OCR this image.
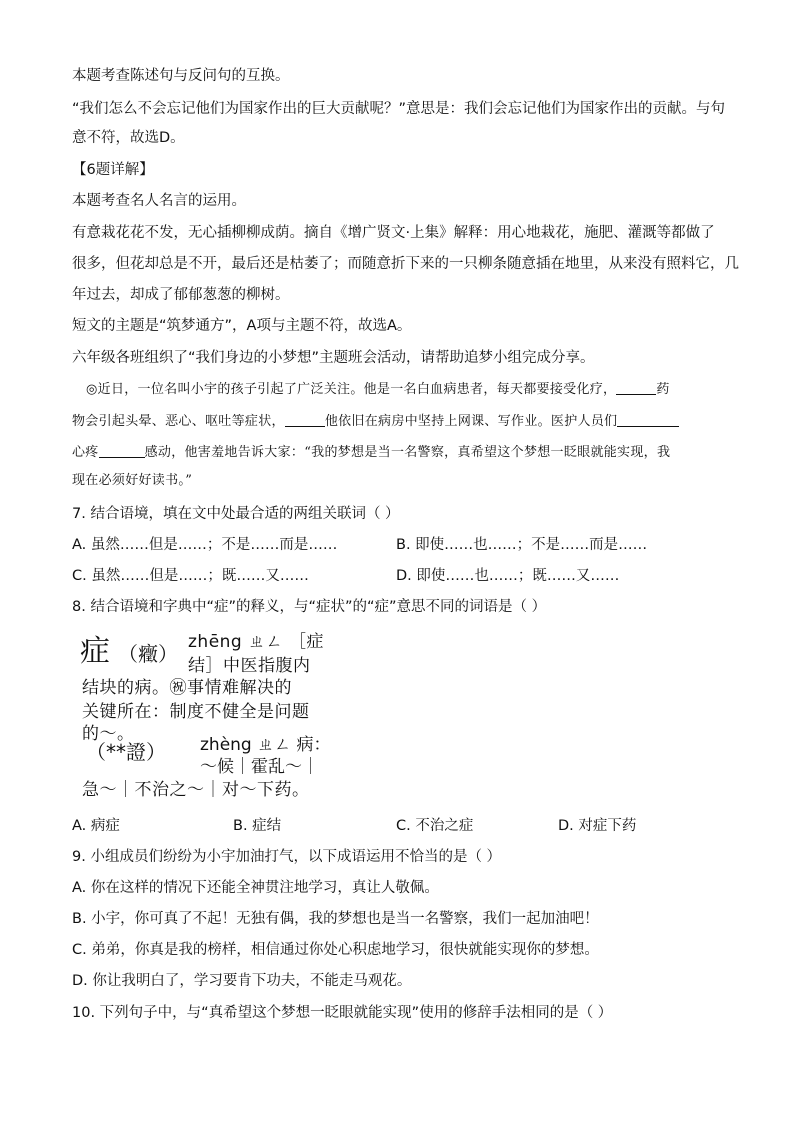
本题考查陈述句与反问句的互换。
“我们怎么不会忘记他们为国家作出的巨大贡献呢？”意思是：我们会忘记他们为国家作出的贡献。与句
意不符，故选D。
【6题详解】
本题考查名人名言的运用。
有意栽花花不发，无心插柳柳成荫。摘自《增广贤文·上集》解释：用心地栽花，施肥、灌溉等都做了
很多，但花却总是不开，最后还是枯萎了；而随意折下来的一只柳条随意插在地里，从来没有照料它，几
年过去，却成了郁郁葱葱的柳树。
短文的主题是“筑梦通方”，A项与主题不符，故选A。
六年级各班组织了“我们身边的小梦想”主题班会活动，请帮助追梦小组完成分享。
◎近日，一位名叫小宇的孩子引起了广泛关注。他是一名白血病患者，每天都要接受化疗，	药
物会引起头晕、恶心、呕吐等症状，	他依旧在病房中坚持上网课、写作业。医护人员们
心疼	感动，他害羞地告诉大家：“我的梦想是当一名警察，真希望这个梦想一眨眼就能实现，我
现在必须好好读书。”
7. 结合语境，填在文中处最合适的两组关联词（ ）
A. 虽然……但是……；不是……而是……	B. 即使……也……；不是……而是……
C. 虽然……但是……；既……又……	D. 即使……也……；既……又……
8. 结合语境和字典中“症”的释义，与“症状”的“症”意思不同的词语是（ ）
症 （癥） zhēng ㄓㄥ ［症
结］中医指腹内
结块的病。㊗事情难解决的
关键所在：制度不健全是问题
的～。
（**證） zhèng ㄓㄥ 病：
～候｜霍乱～｜
急～｜不治之～｜对～下药。
A. 病症	B. 症结	C. 不治之症	D. 对症下药
9. 小组成员们纷纷为小宇加油打气，以下成语运用不恰当的是（ ）
A. 你在这样的情况下还能全神贯注地学习，真让人敬佩。
B. 小宇，你可真了不起！无独有偶，我的梦想也是当一名警察，我们一起加油吧！
C. 弟弟，你真是我的榜样，相信通过你处心积虑地学习，很快就能实现你的梦想。
D. 你让我明白了，学习要肯下功夫，不能走马观花。
10. 下列句子中，与“真希望这个梦想一眨眼就能实现”使用的修辞手法相同的是（ ）
